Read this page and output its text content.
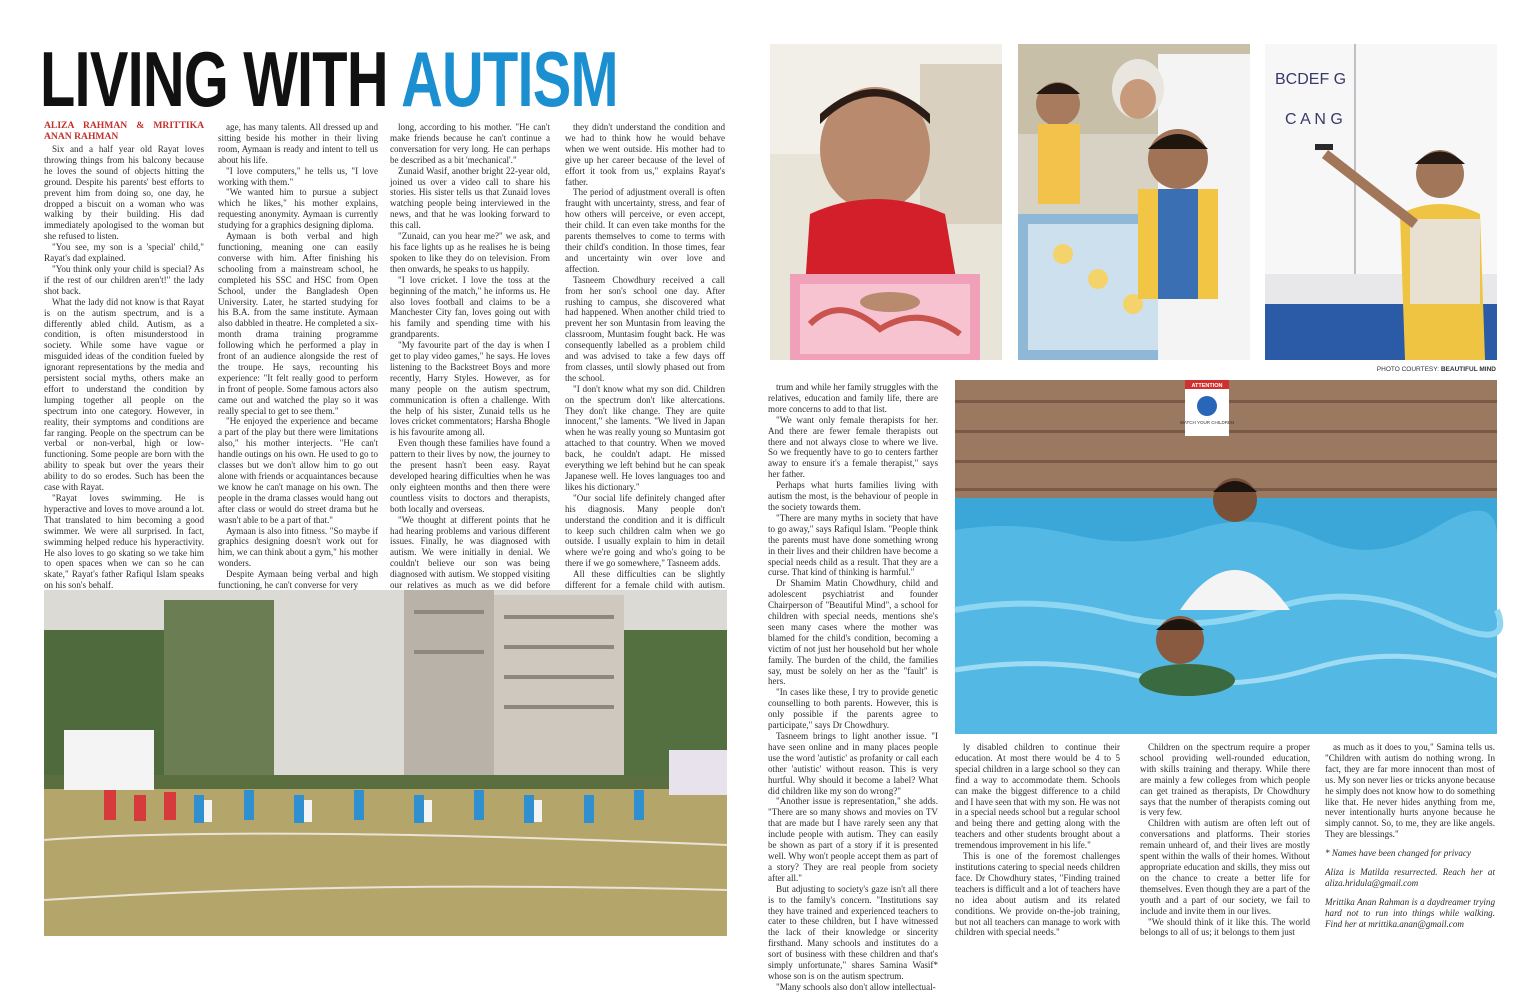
LIVING WITH AUTISM
ALIZA RAHMAN & MRITTIKA ANAN RAHMAN

Six and a half year old Rayat loves throwing things from his balcony because he loves the sound of objects hitting the ground. Despite his parents' best efforts to prevent him from doing so, one day, he dropped a biscuit on a woman who was walking by their building. His dad immediately apologised to the woman but she refused to listen.

"You see, my son is a 'special' child," Rayat's dad explained.

"You think only your child is special? As if the rest of our children aren't!" the lady shot back.

What the lady did not know is that Rayat is on the autism spectrum, and is a differently abled child. Autism, as a condition, is often misunderstood in society. While some have vague or misguided ideas of the condition fueled by ignorant representations by the media and persistent social myths, others make an effort to understand the condition by lumping together all people on the spectrum into one category. However, in reality, their symptoms and conditions are far ranging. People on the spectrum can be verbal or non-verbal, high or low-functioning. Some people are born with the ability to speak but over the years their ability to do so erodes. Such has been the case with Rayat.

"Rayat loves swimming. He is hyperactive and loves to move around a lot. That translated to him becoming a good swimmer. We were all surprised. In fact, swimming helped reduce his hyperactivity. He also loves to go skating so we take him to open spaces when we can so he can skate," Rayat's father Rafiqul Islam speaks on his son's behalf.

age, has many talents. All dressed up and sitting beside his mother in their living room, Aymaan is ready and intent to tell us about his life.

"I love computers," he tells us, "I love working with them."

"We wanted him to pursue a subject which he likes," his mother explains, requesting anonymity. Aymaan is currently studying for a graphics designing diploma.

Aymaan is both verbal and high functioning, meaning one can easily converse with him. After finishing his schooling from a mainstream school, he completed his SSC and HSC from Open School, under the Bangladesh Open University. Later, he started studying for his B.A. from the same institute. Aymaan also dabbled in theatre. He completed a six-month drama training programme following which he performed a play in front of an audience alongside the rest of the troupe. He says, recounting his experience: "It felt really good to perform in front of people. Some famous actors also came out and watched the play so it was really special to get to see them."

"He enjoyed the experience and became a part of the play but there were limitations also," his mother interjects. "He can't handle outings on his own. He used to go to classes but we don't allow him to go out alone with friends or acquaintances because we know he can't manage on his own. The people in the drama classes would hang out after class or would do street drama but he wasn't able to be a part of that."

Aymaan is also into fitness. "So maybe if graphics designing doesn't work out for him, we can think about a gym," his mother wonders.

Despite Aymaan being verbal and high functioning, he can't converse for very

long, according to his mother. "He can't make friends because he can't continue a conversation for very long. He can perhaps be described as a bit 'mechanical'."

Zunaid Wasif, another bright 22-year old, joined us over a video call to share his stories. His sister tells us that Zunaid loves watching people being interviewed in the news, and that he was looking forward to this call.

"Zunaid, can you hear me?" we ask, and his face lights up as he realises he is being spoken to like they do on television. From then onwards, he speaks to us happily.

"I love cricket. I love the toss at the beginning of the match," he informs us. He also loves football and claims to be a Manchester City fan, loves going out with his family and spending time with his grandparents.

"My favourite part of the day is when I get to play video games," he says. He loves listening to the Backstreet Boys and more recently, Harry Styles. However, as for many people on the autism spectrum, communication is often a challenge. With the help of his sister, Zunaid tells us he loves cricket commentators; Harsha Bhogle is his favourite among all.

Even though these families have found a pattern to their lives by now, the journey to the present hasn't been easy. Rayat developed hearing difficulties when he was only eighteen months and then there were countless visits to doctors and therapists, both locally and overseas.

"We thought at different points that he had hearing problems and various different issues. Finally, he was diagnosed with autism. We were initially in denial. We couldn't believe our son was being diagnosed with autism. We stopped visiting our relatives as much as we did before

they didn't understand the condition and we had to think how he would behave when we went outside. His mother had to give up her career because of the level of effort it took from us," explains Rayat's father.

The period of adjustment overall is often fraught with uncertainty, stress, and fear of how others will perceive, or even accept, their child. It can even take months for the parents themselves to come to terms with their child's condition. In those times, fear and uncertainty win over love and affection.

Tasneem Chowdhury received a call from her son's school one day. After rushing to campus, she discovered what had happened. When another child tried to prevent her son Muntasin from leaving the classroom, Muntasim fought back. He was consequently labelled as a problem child and was advised to take a few days off from classes, until slowly phased out from the school.

"I don't know what my son did. Children on the spectrum don't like altercations. They don't like change. They are quite innocent," she laments. "We lived in Japan when he was really young so Muntasim got attached to that country. When we moved back, he couldn't adapt. He missed everything we left behind but he can speak Japanese well. He loves languages too and likes his dictionary."

"Our social life definitely changed after his diagnosis. Many people don't understand the condition and it is difficult to keep such children calm when we go outside. I usually explain to him in detail where we're going and who's going to be there if we go somewhere," Tasneem adds.

All these difficulties can be slightly different for a female child with autism.

trum and while her family struggles with the relatives, education and family life, there are more concerns to add to that list.

"We want only female therapists for her. And there are fewer female therapists out there and not always close to where we live. So we frequently have to go to centers farther away to ensure it's a female therapist," says her father.

Perhaps what hurts families living with autism the most, is the behaviour of people in the society towards them.

"There are many myths in society that have to go away," says Rafiqul Islam. "People think the parents must have done something wrong in their lives and their children have become a special needs child as a result. That they are a curse. That kind of thinking is harmful."

Dr Shamim Matin Chowdhury, child and adolescent psychiatrist and founder Chairperson of "Beautiful Mind", a school for children with special needs, mentions she's seen many cases where the mother was blamed for the child's condition, becoming a victim of not just her household but her whole family. The burden of the child, the families say, must be solely on her as the "fault" is hers.

"In cases like these, I try to provide genetic counselling to both parents. However, this is only possible if the parents agree to participate," says Dr Chowdhury.

Tasneem brings to light another issue. "I have seen online and in many places people use the word 'autistic' as profanity or call each other 'autistic' without reason. This is very hurtful. Why should it become a label? What did children like my son do wrong?"

"Another issue is representation," she adds. "There are so many shows and movies on TV that are made but I have rarely seen any that include people with autism. They can easily be shown as part of a story if it is presented well. Why won't people accept them as part of a story? They are real people from society after all."

But adjusting to society's gaze isn't all there is to the family's concern. "Institutions say they have trained and experienced teachers to cater to these children, but I have witnessed the lack of their knowledge or sincerity firsthand. Many schools and institutes do a sort of business with these children and that's simply unfortunate," shares Samina Wasif* whose son is on the autism spectrum.

"Many schools also don't allow intellectual-

ly disabled children to continue their education. At most there would be 4 to 5 special children in a large school so they can find a way to accommodate them. Schools can make the biggest difference to a child and I have seen that with my son. He was not in a special needs school but a regular school and being there and getting along with the teachers and other students brought about a tremendous improvement in his life."

This is one of the foremost challenges institutions catering to special needs children face. Dr Chowdhury states, "Finding trained teachers is difficult and a lot of teachers have no idea about autism and its related conditions. We provide on-the-job training, but not all teachers can manage to work with children with special needs."

Children on the spectrum require a proper school providing well-rounded education, with skills training and therapy. While there are mainly a few colleges from which people can get trained as therapists, Dr Chowdhury says that the number of therapists coming out is very few.

Children with autism are often left out of conversations and platforms. Their stories remain unheard of, and their lives are mostly spent within the walls of their homes. Without appropriate education and skills, they miss out on the chance to create a better life for themselves. Even though they are a part of the youth and a part of our society, we fail to include and invite them in our lives.

"We should think of it like this. The world belongs to all of us; it belongs to them just

as much as it does to you," Samina tells us. "Children with autism do nothing wrong. In fact, they are far more innocent than most of us. My son never lies or tricks anyone because he simply does not know how to do something like that. He never hides anything from me, never intentionally hurts anyone because he simply cannot. So, to me, they are like angels. They are blessings."

* Names have been changed for privacy

Aliza is Matilda resurrected. Reach her at aliza.hridula@gmail.com

Mrittika Anan Rahman is a daydreamer trying hard not to run into things while walking. Find her at mrittika.anan@gmail.com

BCDEF G
C A N G
PHOTO COURTESY: BEAUTIFUL MIND
ATTENTION
WATCH YOUR CHILDREN
